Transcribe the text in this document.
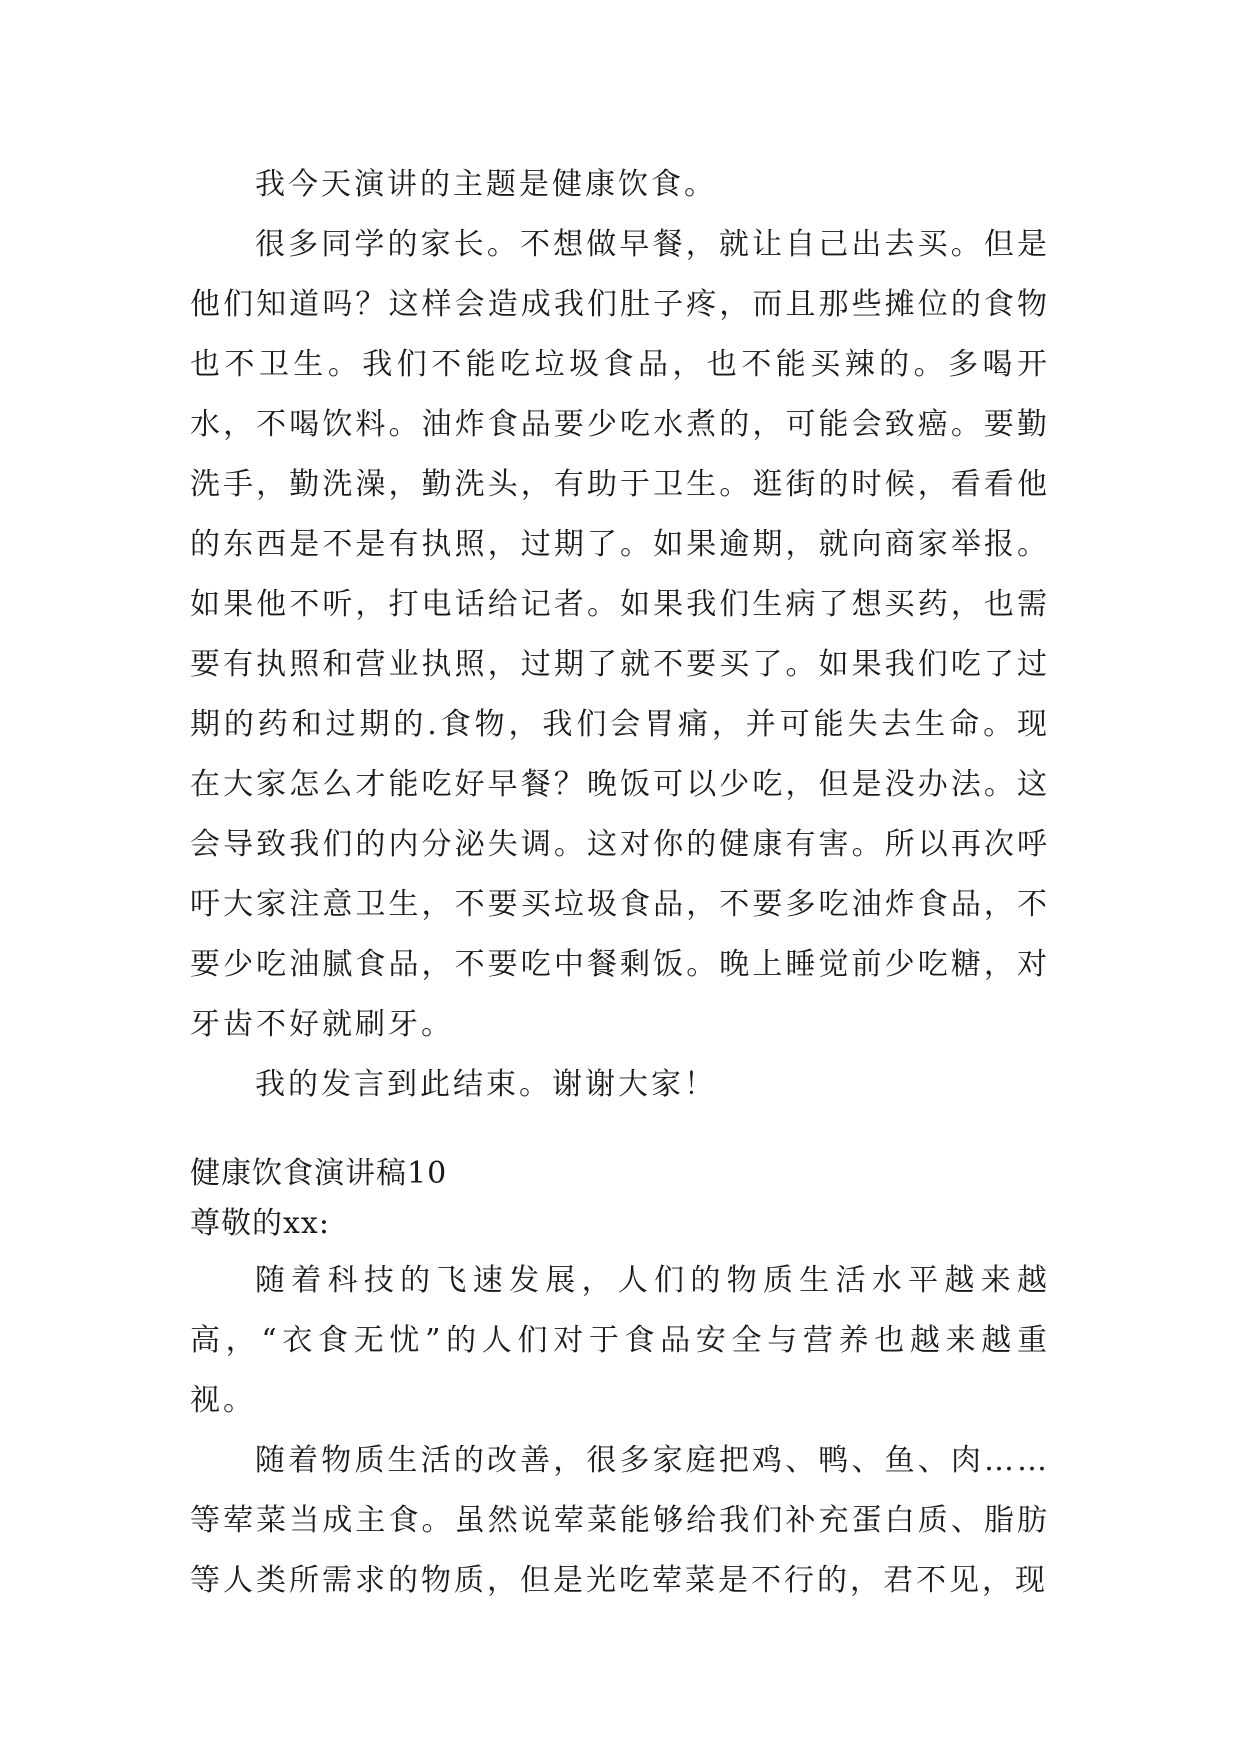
我今天演讲的主题是健康饮食。

很多同学的家长。不想做早餐，就让自己出去买。但是他们知道吗？这样会造成我们肚子疼，而且那些摊位的食物也不卫生。我们不能吃垃圾食品，也不能买辣的。多喝开水，不喝饮料。油炸食品要少吃水煮的，可能会致癌。要勤洗手，勤洗澡，勤洗头，有助于卫生。逛街的时候，看看他的东西是不是有执照，过期了。如果逾期，就向商家举报。如果他不听，打电话给记者。如果我们生病了想买药，也需要有执照和营业执照，过期了就不要买了。如果我们吃了过期的药和过期的.食物，我们会胃痛，并可能失去生命。现在大家怎么才能吃好早餐？晚饭可以少吃，但是没办法。这会导致我们的内分泌失调。这对你的健康有害。所以再次呼吁大家注意卫生，不要买垃圾食品，不要多吃油炸食品，不要少吃油腻食品，不要吃中餐剩饭。晚上睡觉前少吃糖，对牙齿不好就刷牙。

我的发言到此结束。谢谢大家！

健康饮食演讲稿10

尊敬的xx:

随着科技的飞速发展，人们的物质生活水平越来越高，“衣食无忧”的人们对于食品安全与营养也越来越重视。

随着物质生活的改善，很多家庭把鸡、鸭、鱼、肉……等荤菜当成主食。虽然说荤菜能够给我们补充蛋白质、脂肪等人类所需求的物质，但是光吃荤菜是不行的，君不见，现
